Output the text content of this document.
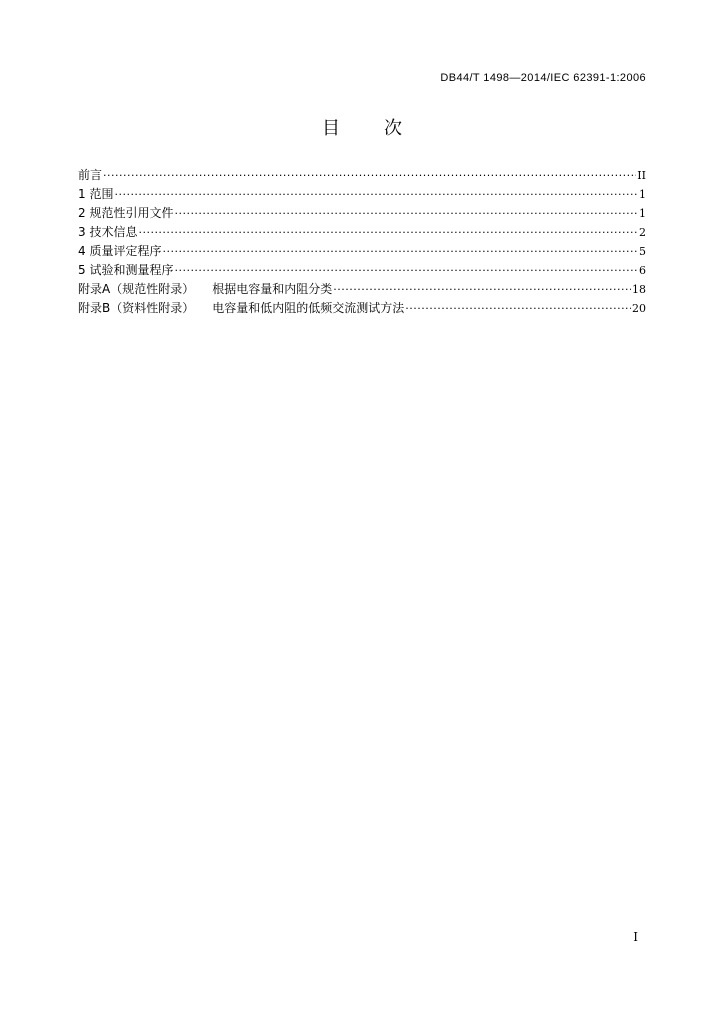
DB44/T 1498—2014/IEC 62391-1:2006
目 次
前言 ·····	II
1 范围 ·····	1
2 规范性引用文件 ·····	1
3 技术信息 ·····	2
4 质量评定程序 ·····	5
5 试验和测量程序 ·····	6
附录A（规范性附录） 根据电容量和内阻分类 ·····	18
附录B（资料性附录） 电容量和低内阻的低频交流测试方法 ·····	20
I
